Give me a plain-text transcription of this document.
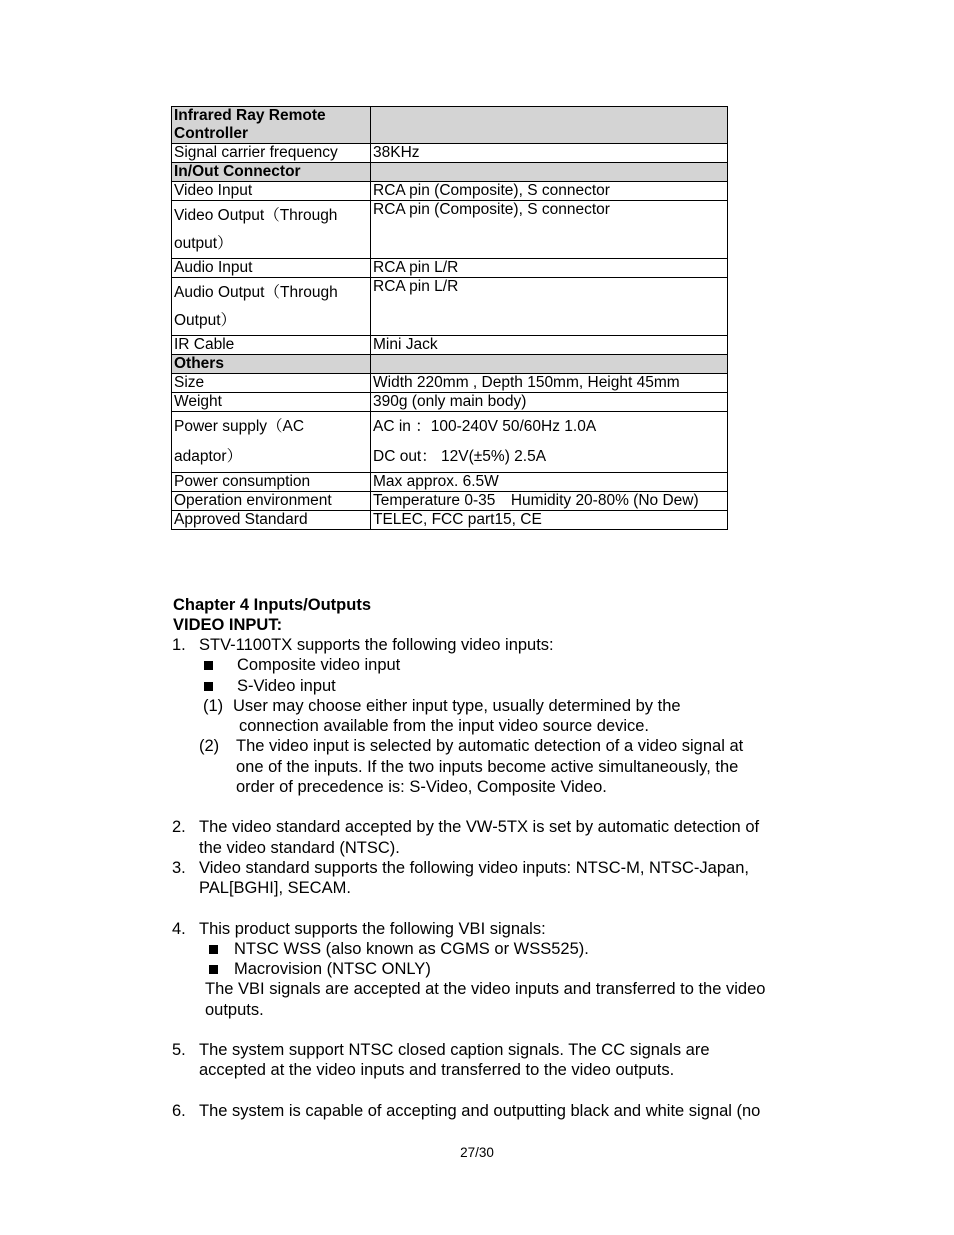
Infrared Ray Remote Controller	
Signal carrier frequency	38KHz
In/Out Connector	
Video Input	RCA pin (Composite), S connector
Video Output（Through output）	RCA pin (Composite), S connector
Audio Input	RCA pin L/R
Audio Output（Through Output）	RCA pin L/R
IR Cable	Mini Jack
Others	
Size	Width 220mm , Depth 150mm, Height 45mm
Weight	390g (only main body)
Power supply（AC adaptor）	AC in ：100-240V 50/60Hz 1.0A
DC out： 12V(±5%) 2.5A

Power consumption	Max approx. 6.5W
Operation environment	Temperature 0-35　Humidity 20-80% (No Dew)
Approved Standard	TELEC, FCC part15, CE
Chapter 4 Inputs/Outputs
VIDEO INPUT:
1. STV-1100TX supports the following video inputs:
Composite video input
S-Video input
(1) User may choose either input type, usually determined by the
connection available from the input video source device.
(2) The video input is selected by automatic detection of a video signal at
one of the inputs. If the two inputs become active simultaneously, the
order of precedence is: S-Video, Composite Video.
2. The video standard accepted by the VW-5TX is set by automatic detection of
the video standard (NTSC).
3. Video standard supports the following video inputs: NTSC-M, NTSC-Japan,
PAL[BGHI], SECAM.
4. This product supports the following VBI signals:
NTSC WSS (also known as CGMS or WSS525).
Macrovision (NTSC ONLY)
The VBI signals are accepted at the video inputs and transferred to the video
outputs.
5. The system support NTSC closed caption signals. The CC signals are
accepted at the video inputs and transferred to the video outputs.
6. The system is capable of accepting and outputting black and white signal (no
27/30
